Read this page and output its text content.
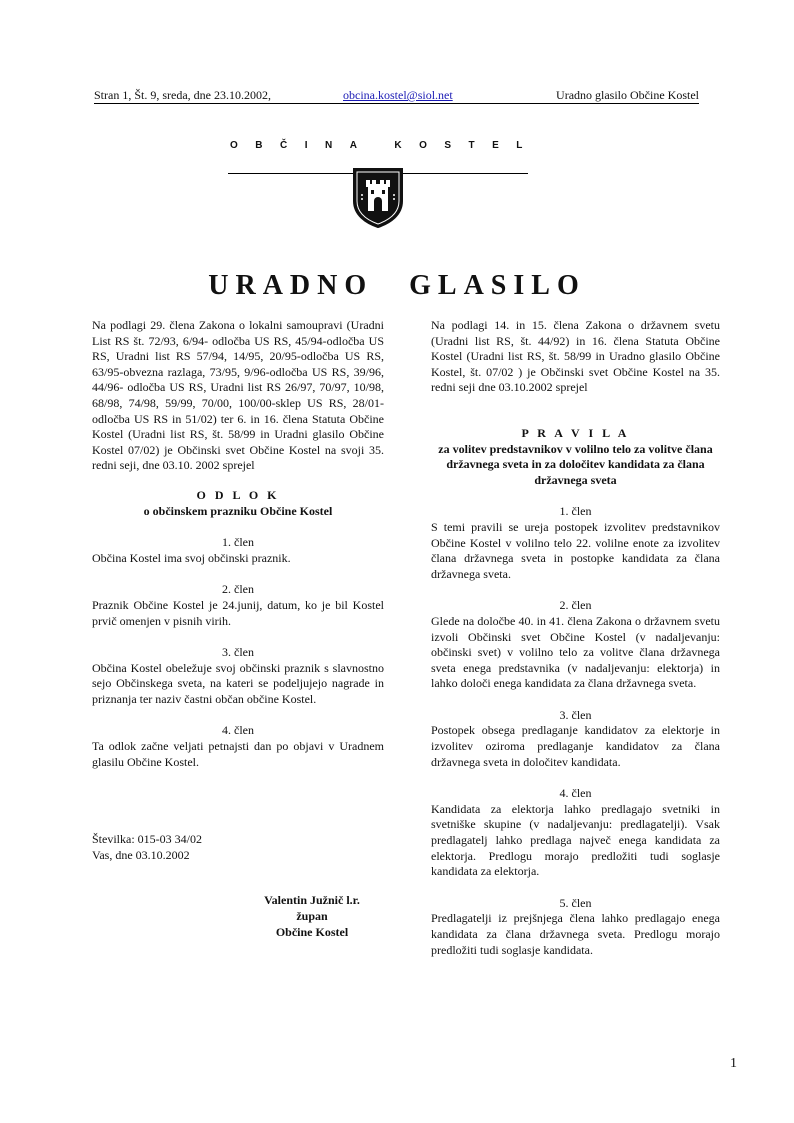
Stran 1, Št. 9, sreda, dne 23.10.2002,	obcina.kostel@siol.net	Uradno glasilo Občine Kostel
OBČINA KOSTEL
URADNO GLASILO

Na podlagi 29. člena Zakona o lokalni samoupravi (Uradni List RS št. 72/93, 6/94- odločba US RS, 45/94-odločba US RS, Uradni list RS 57/94, 14/95, 20/95-odločba US RS, 63/95-obvezna razlaga, 73/95, 9/96-odločba US RS, 39/96, 44/96- odločba US RS, Uradni list RS 26/97, 70/97, 10/98, 68/98, 74/98, 59/99, 70/00, 100/00-sklep US RS, 28/01-odločba US RS in 51/02) ter 6. in 16. člena Statuta Občine Kostel (Uradni list RS, št. 58/99 in Uradni glasilo Občine Kostel 07/02) je Občinski svet Občine Kostel na svoji 35. redni seji, dne 03.10. 2002 sprejel

O D L O K

o občinskem prazniku Občine Kostel

1. člen

Občina Kostel ima svoj občinski praznik.

2. člen

Praznik Občine Kostel je 24.junij, datum, ko je bil Kostel prvič omenjen v pisnih virih.

3. člen

Občina Kostel obeležuje svoj občinski praznik s slavnostno sejo Občinskega sveta, na kateri se podeljujejo nagrade in priznanja ter naziv častni občan občine Kostel.

4. člen

Ta odlok začne veljati petnajsti dan po objavi v Uradnem glasilu Občine Kostel.

Številka: 015-03 34/02

Vas, dne 03.10.2002

Valentin Južnič l.r.

župan

Občine Kostel

Na podlagi 14. in 15. člena Zakona o državnem svetu (Uradni list RS, št. 44/92) in 16. člena Statuta Občine Kostel (Uradni list RS, št. 58/99 in Uradno glasilo Občine Kostel, št. 07/02 ) je Občinski svet Občine Kostel na 35. redni seji dne 03.10.2002 sprejel

P R A V I L A

za volitev predstavnikov v volilno telo za volitve člana državnega sveta in za določitev kandidata za člana državnega sveta

1. člen

S temi pravili se ureja postopek izvolitev predstavnikov Občine Kostel v volilno telo 22. volilne enote za izvolitev člana državnega sveta in postopke kandidata za člana državnega sveta.

2. člen

Glede na določbe 40. in 41. člena Zakona o državnem svetu izvoli Občinski svet Občine Kostel (v nadaljevanju: občinski svet) v volilno telo za volitve člana državnega sveta enega predstavnika (v nadaljevanju: elektorja) in lahko določi enega kandidata za člana državnega sveta.

3. člen

Postopek obsega predlaganje kandidatov za elektorje in izvolitev oziroma predlaganje kandidatov za člana državnega sveta in določitev kandidata.

4. člen

Kandidata za elektorja lahko predlagajo svetniki in svetniške skupine (v nadaljevanju: predlagatelji). Vsak predlagatelj lahko predlaga največ enega kandidata za elektorja. Predlogu morajo predložiti tudi soglasje kandidata za elektorja.

5. člen

Predlagatelji iz prejšnjega člena lahko predlagajo enega kandidata za člana državnega sveta. Predlogu morajo predložiti tudi soglasje kandidata.

1
